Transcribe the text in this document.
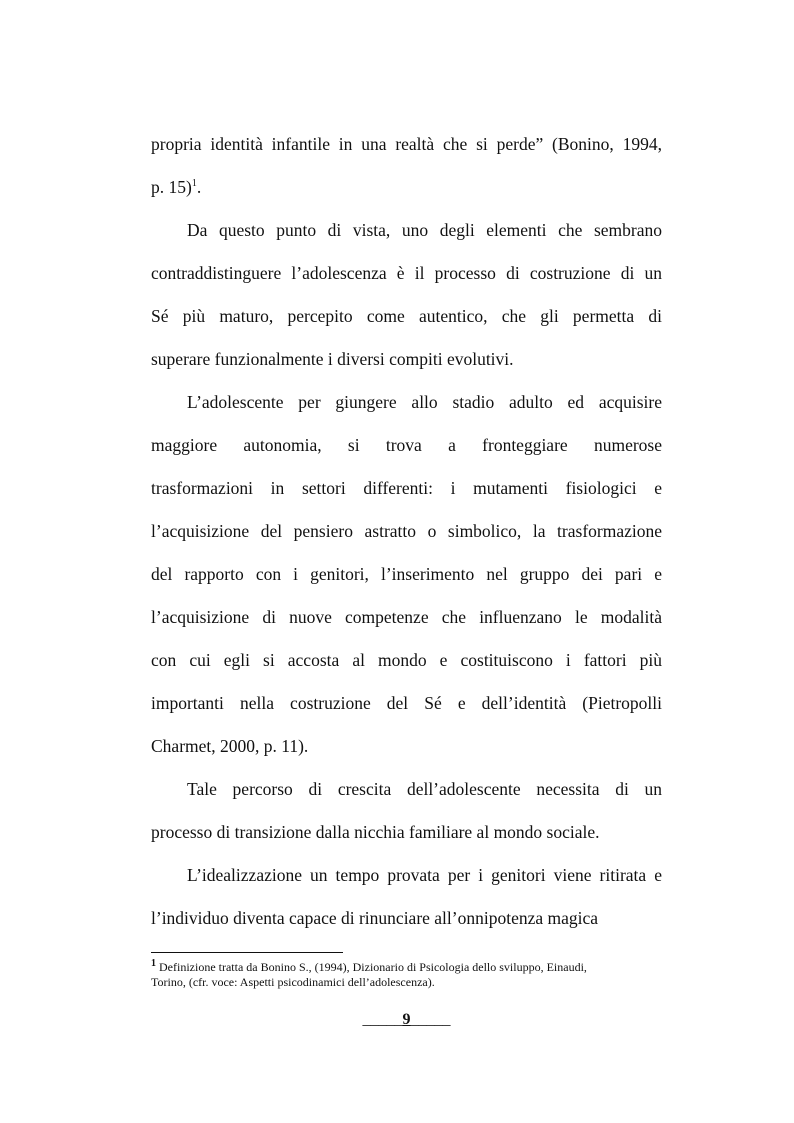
propria identità infantile in una realtà che si perde” (Bonino, 1994,
p. 15)$^1$.
Da questo punto di vista, uno degli elementi che sembrano
contraddistinguere l’adolescenza è il processo di costruzione di un
Sé più maturo, percepito come autentico, che gli permetta di
superare funzionalmente i diversi compiti evolutivi.
L’adolescente per giungere allo stadio adulto ed acquisire
maggiore autonomia, si trova a fronteggiare numerose
trasformazioni in settori differenti: i mutamenti fisiologici e
l’acquisizione del pensiero astratto o simbolico, la trasformazione
del rapporto con i genitori, l’inserimento nel gruppo dei pari e
l’acquisizione di nuove competenze che influenzano le modalità
con cui egli si accosta al mondo e costituiscono i fattori più
importanti nella costruzione del Sé e dell’identità (Pietropolli
Charmet, 2000, p. 11).
Tale percorso di crescita dell’adolescente necessita di un
processo di transizione dalla nicchia familiare al mondo sociale.
L’idealizzazione un tempo provata per i genitori viene ritirata e
l’individuo diventa capace di rinunciare all’onnipotenza magica
$^1$ Definizione tratta da Bonino S., (1994), Dizionario di Psicologia dello sviluppo, Einaudi,
Torino, (cfr. voce: Aspetti psicodinamici dell’adolescenza).
_____9_____
